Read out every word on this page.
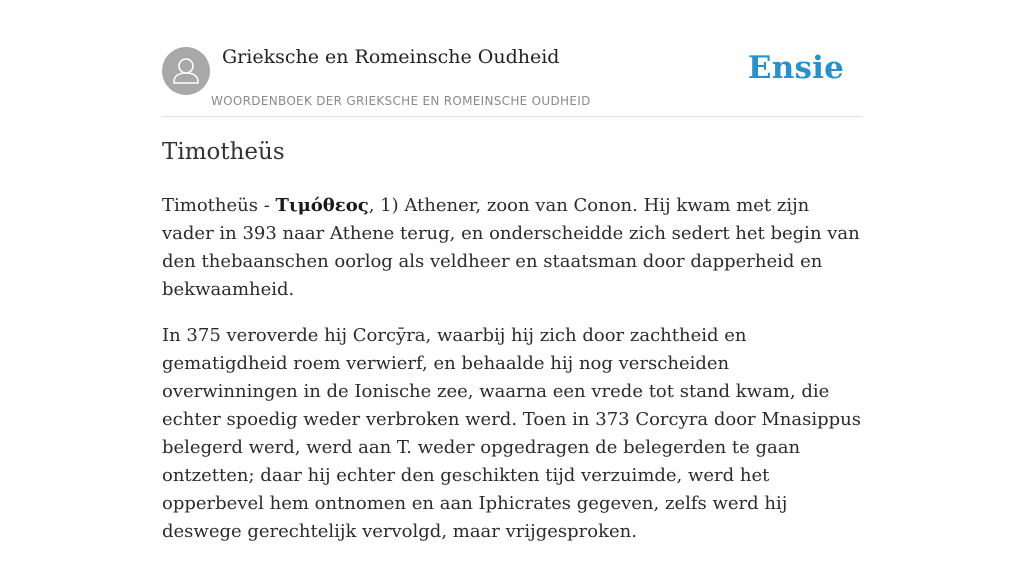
Grieksche en Romeinsche Oudheid
WOORDENBOEK DER GRIEKSCHE EN ROMEINSCHE OUDHEID
Ensie
Timotheüs

Timotheüs - Τιμόθεος, 1) Athener, zoon van Conon. Hij kwam met zijn vader in 393 naar Athene terug, en onderscheidde zich sedert het begin van den thebaanschen oorlog als veldheer en staatsman door dapperheid en bekwaamheid.

In 375 veroverde hij Corcȳra, waarbij hij zich door zachtheid en gematigdheid roem verwierf, en behaalde hij nog verscheiden overwinningen in de Ionische zee, waarna een vrede tot stand kwam, die echter spoedig weder verbroken werd. Toen in 373 Corcyra door Mnasippus belegerd werd, werd aan T. weder opgedragen de belegerden te gaan ontzetten; daar hij echter den geschikten tijd verzuimde, werd het opperbevel hem ontnomen en aan Iphicrates gegeven, zelfs werd hij deswege gerechtelijk vervolgd, maar vrijgesproken.
